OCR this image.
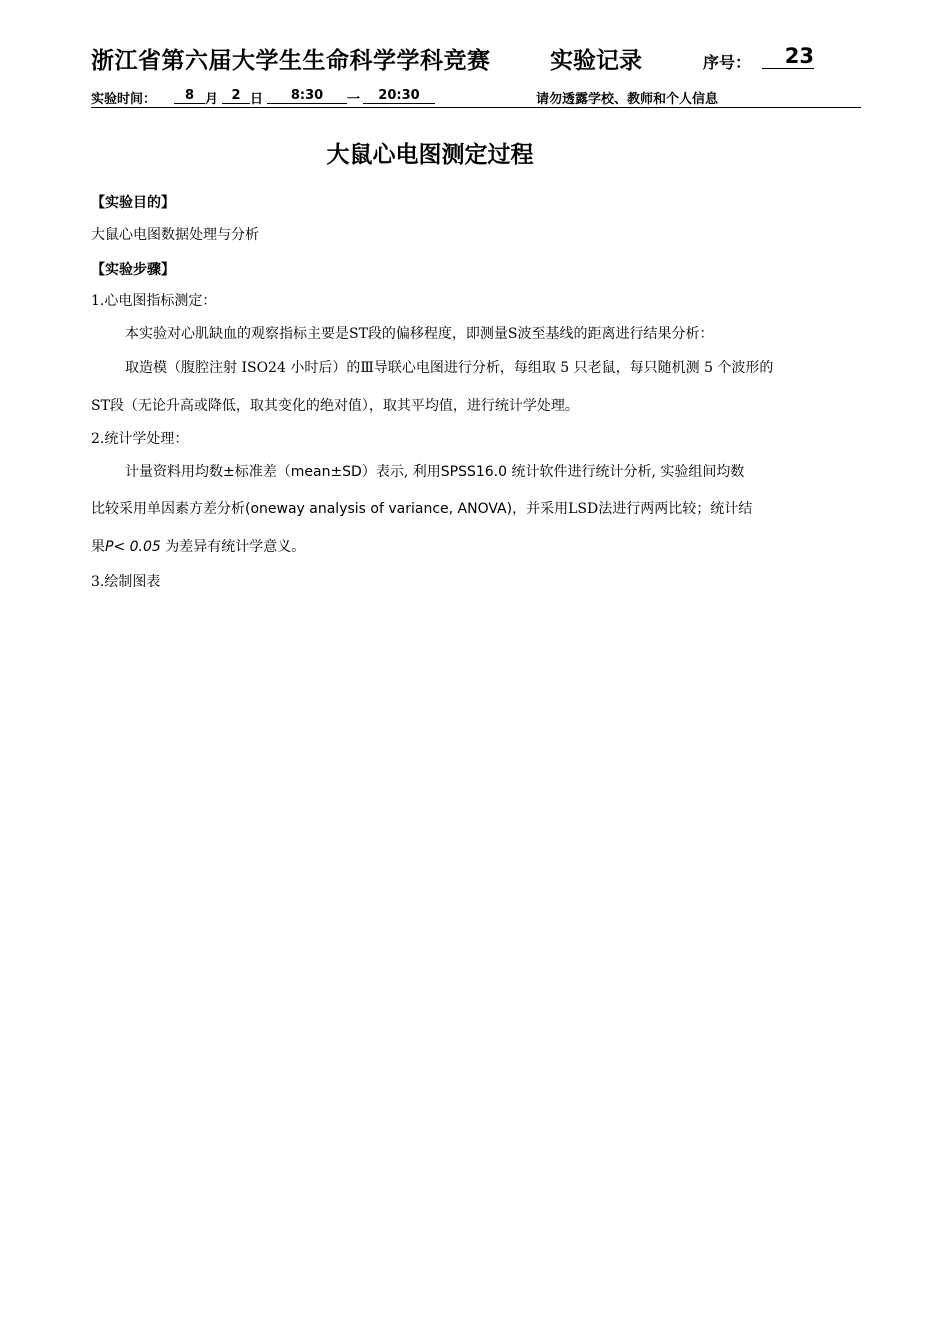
浙江省第六届大学生生命科学学科竞赛	实验记录	序号：	23
实验时间：	8 月	2 日	8:30	一	20:30	请勿透露学校、教师和个人信息
大鼠心电图测定过程
【实验目的】
大鼠心电图数据处理与分析
【实验步骤】
1.心电图指标测定：
本实验对心肌缺血的观察指标主要是ST段的偏移程度，即测量S波至基线的距离进行结果分析：
取造模（腹腔注射 ISO24 小时后）的Ⅲ导联心电图进行分析，每组取 5 只老鼠，每只随机测 5 个波形的
ST段（无论升高或降低，取其变化的绝对值），取其平均值，进行统计学处理。
2.统计学处理：
计量资料用均数±标准差（mean±SD）表示, 利用SPSS16.0 统计软件进行统计分析, 实验组间均数
比较采用单因素方差分析(oneway analysis of variance, ANOVA)，并采用LSD法进行两两比较；统计结
果P< 0.05 为差异有统计学意义。
3.绘制图表
